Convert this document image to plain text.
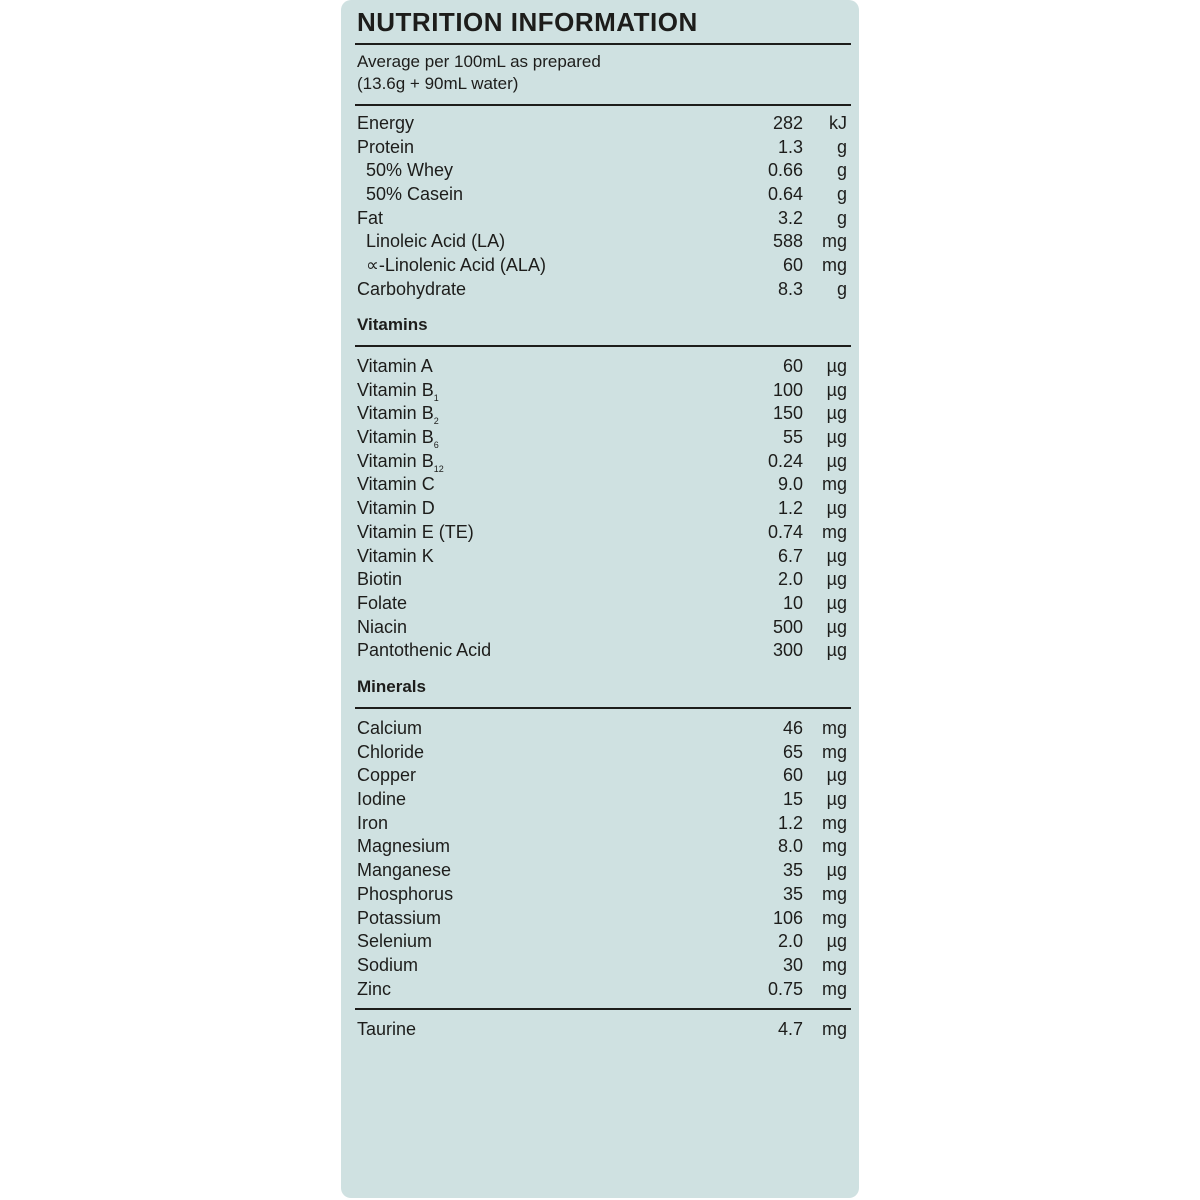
NUTRITION INFORMATION
Average per 100mL as prepared
(13.6g + 90mL water)
Energy	282 kJ
Protein	1.3 g
50% Whey	0.66 g
50% Casein	0.64 g
Fat	3.2 g
Linoleic Acid (LA)	588 mg
∝-Linolenic Acid (ALA)	60 mg
Carbohydrate	8.3 g
Vitamins
Vitamin A	60 µg
Vitamin $B_1$	100 µg
Vitamin $B_2$	150 µg
Vitamin $B_6$	55 µg
Vitamin $B_{12}$	0.24 µg
Vitamin C	9.0 mg
Vitamin D	1.2 µg
Vitamin E (TE)	0.74 mg
Vitamin K	6.7 µg
Biotin	2.0 µg
Folate	10 µg
Niacin	500 µg
Pantothenic Acid	300 µg
Minerals
Calcium	46 mg
Chloride	65 mg
Copper	60 µg
Iodine	15 µg
Iron	1.2 mg
Magnesium	8.0 mg
Manganese	35 µg
Phosphorus	35 mg
Potassium	106 mg
Selenium	2.0 µg
Sodium	30 mg
Zinc	0.75 mg
Taurine	4.7 mg
